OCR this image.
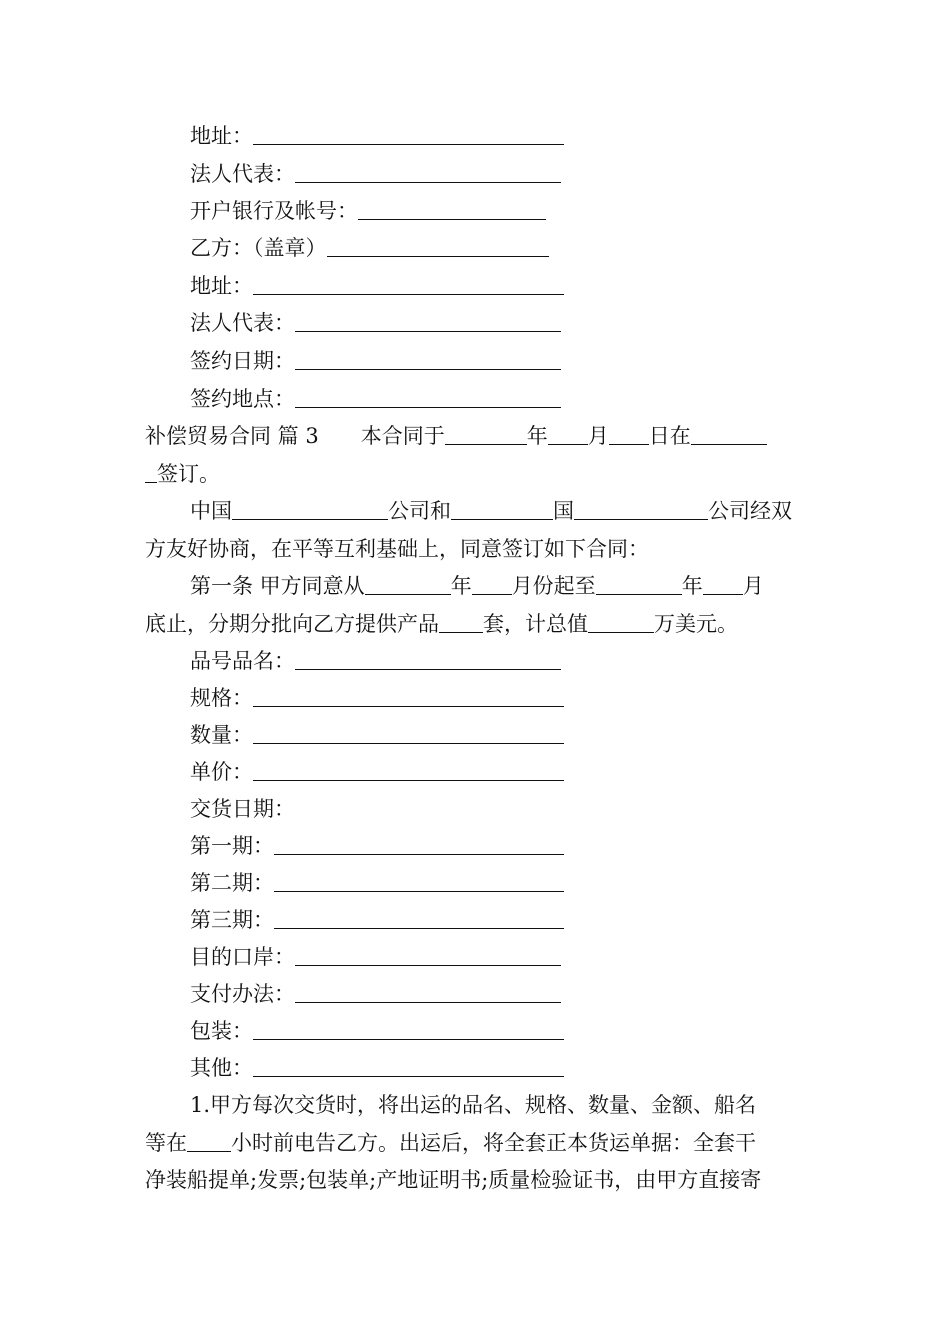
地址：
法人代表：
开户银行及帐号：
乙方：（盖章）
地址：
法人代表：
签约日期：
签约地点：
补偿贸易合同 篇 3 本合同于	年 月 日在
签订。
中国	公司和	国	公司经双
方友好协商，在平等互利基础上，同意签订如下合同：
第一条 甲方同意从	年 月份起至	年 月
底止，分期分批向乙方提供产品 套，计总值	万美元。
品号品名：
规格：
数量：
单价：
交货日期：
第一期：
第二期：
第三期：
目的口岸：
支付办法：
包装：
其他：
1.甲方每次交货时，将出运的品名、规格、数量、金额、船名
等在 小时前电告乙方。出运后，将全套正本货运单据：全套干
净装船提单;发票;包装单;产地证明书;质量检验证书，由甲方直接寄
